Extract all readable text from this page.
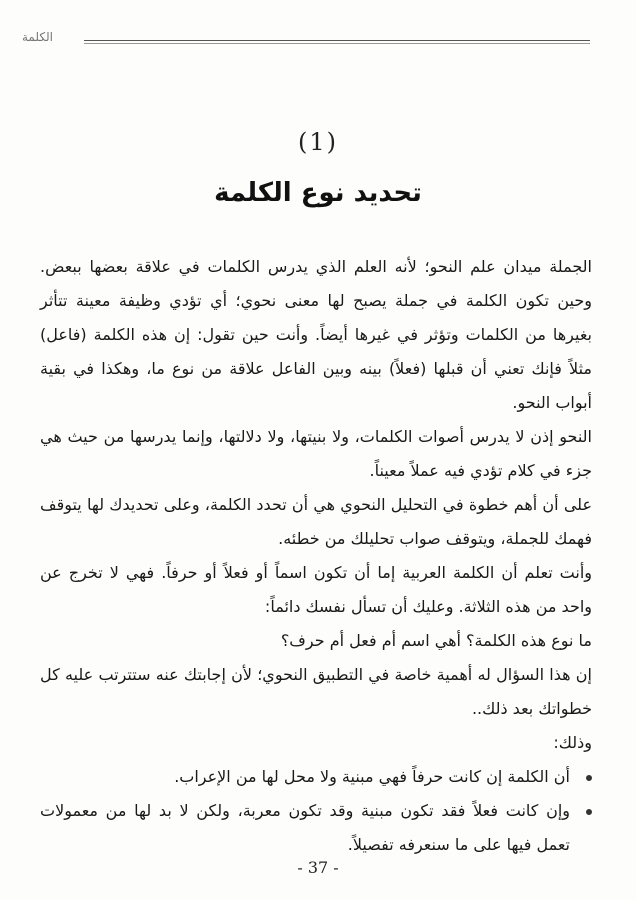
الكلمة
(1)
تحديد نوع الكلمة

الجملة ميدان علم النحو؛ لأنه العلم الذي يدرس الكلمات في علاقة بعضها ببعض. وحين تكون الكلمة في جملة يصبح لها معنى نحوي؛ أي تؤدي وظيفة معينة تتأثر بغيرها من الكلمات وتؤثر في غيرها أيضاً. وأنت حين تقول: إن هذه الكلمة (فاعل) مثلاً فإنك تعني أن قبلها (فعلاً) بينه وبين الفاعل علاقة من نوع ما، وهكذا في بقية أبواب النحو.

النحو إذن لا يدرس أصوات الكلمات، ولا بنيتها، ولا دلالتها، وإنما يدرسها من حيث هي جزء في كلام تؤدي فيه عملاً معيناً.

على أن أهم خطوة في التحليل النحوي هي أن تحدد الكلمة، وعلى تحديدك لها يتوقف فهمك للجملة، ويتوقف صواب تحليلك من خطئه.

وأنت تعلم أن الكلمة العربية إما أن تكون اسماً أو فعلاً أو حرفاً. فهي لا تخرج عن واحد من هذه الثلاثة. وعليك أن تسأل نفسك دائماً:

ما نوع هذه الكلمة؟ أهي اسم أم فعل أم حرف؟

إن هذا السؤال له أهمية خاصة في التطبيق النحوي؛ لأن إجابتك عنه ستترتب عليه كل خطواتك بعد ذلك..

وذلك:

أن الكلمة إن كانت حرفاً فهي مبنية ولا محل لها من الإعراب.
وإن كانت فعلاً فقد تكون مبنية وقد تكون معربة، ولكن لا بد لها من معمولات تعمل فيها على ما سنعرفه تفصيلاً.
- 37 -
